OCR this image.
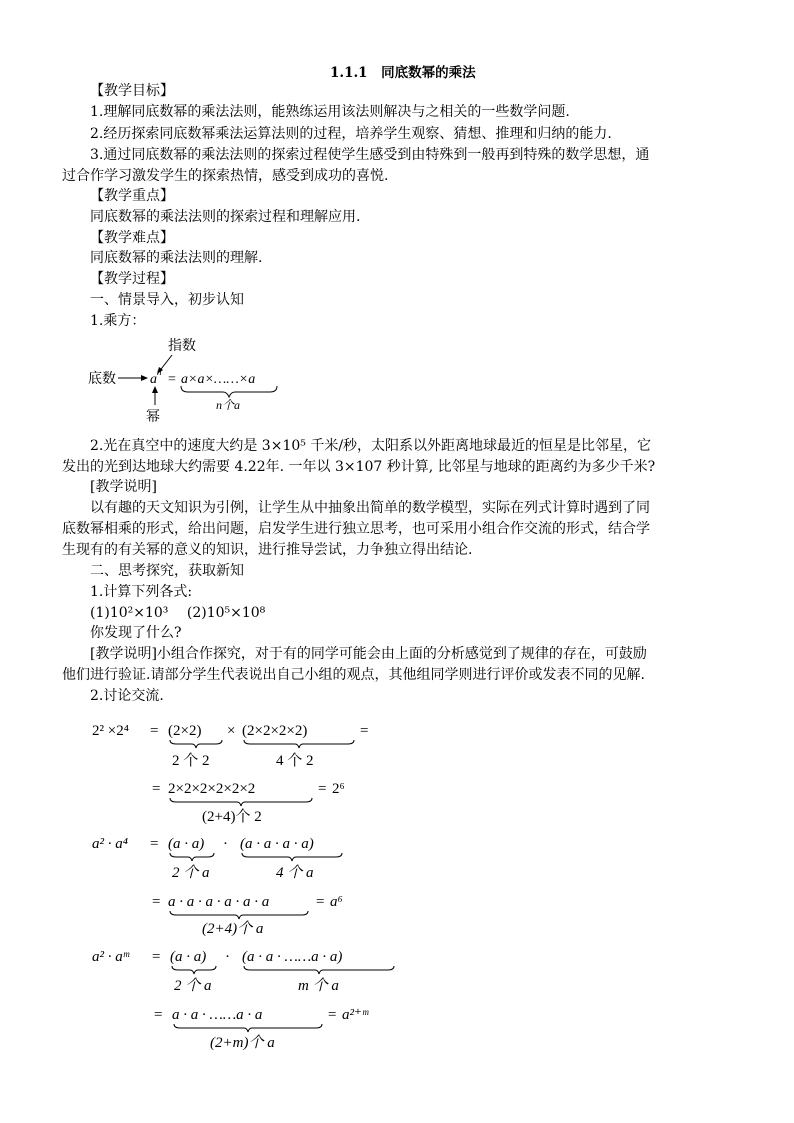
1.1.1　同底数幂的乘法
【教学目标】
1.理解同底数幂的乘法法则，能熟练运用该法则解决与之相关的一些数学问题.
2.经历探索同底数幂乘法运算法则的过程，培养学生观察、猜想、推理和归纳的能力.
3.通过同底数幂的乘法法则的探索过程使学生感受到由特殊到一般再到特殊的数学思想，通
过合作学习激发学生的探索热情，感受到成功的喜悦.
【教学重点】
同底数幂的乘法法则的探索过程和理解应用.
【教学难点】
同底数幂的乘法法则的理解.
【教学过程】
一、情景导入，初步认知
1.乘方：
指数
底数 a n = a×a×……×a
n个a
幂
2.光在真空中的速度大约是 3×10⁵ 千米/秒，太阳系以外距离地球最近的恒星是比邻星，它
发出的光到达地球大约需要 4.22年. 一年以 3×107 秒计算, 比邻星与地球的距离约为多少千米?
[教学说明]
以有趣的天文知识为引例，让学生从中抽象出简单的数学模型，实际在列式计算时遇到了同
底数幂相乘的形式，给出问题，启发学生进行独立思考，也可采用小组合作交流的形式，结合学
生现有的有关幂的意义的知识，进行推导尝试，力争独立得出结论.
二、思考探究，获取新知
1.计算下列各式:
(1)10²×10³　 (2)10⁵×10⁸
你发现了什么?
[教学说明]小组合作探究，对于有的同学可能会由上面的分析感觉到了规律的存在，可鼓励
他们进行验证.请部分学生代表说出自己小组的观点，其他组同学则进行评价或发表不同的见解.
2.讨论交流.
2² ×2⁴ = (2×2) × (2×2×2×2)	=
2 个 2	4 个 2
= 2×2×2×2×2×2	= 2⁶
(2+4)个 2
a² · a⁴ = (a · a) · (a · a · a · a)
2 个 a	4 个 a
= a · a · a · a · a · a	= a⁶
(2+4)个 a
a² · aᵐ = (a · a) · (a · a · ……a · a)
2 个 a	m 个 a
= a · a · ……a · a	= a²⁺ᵐ
(2+m)个 a
